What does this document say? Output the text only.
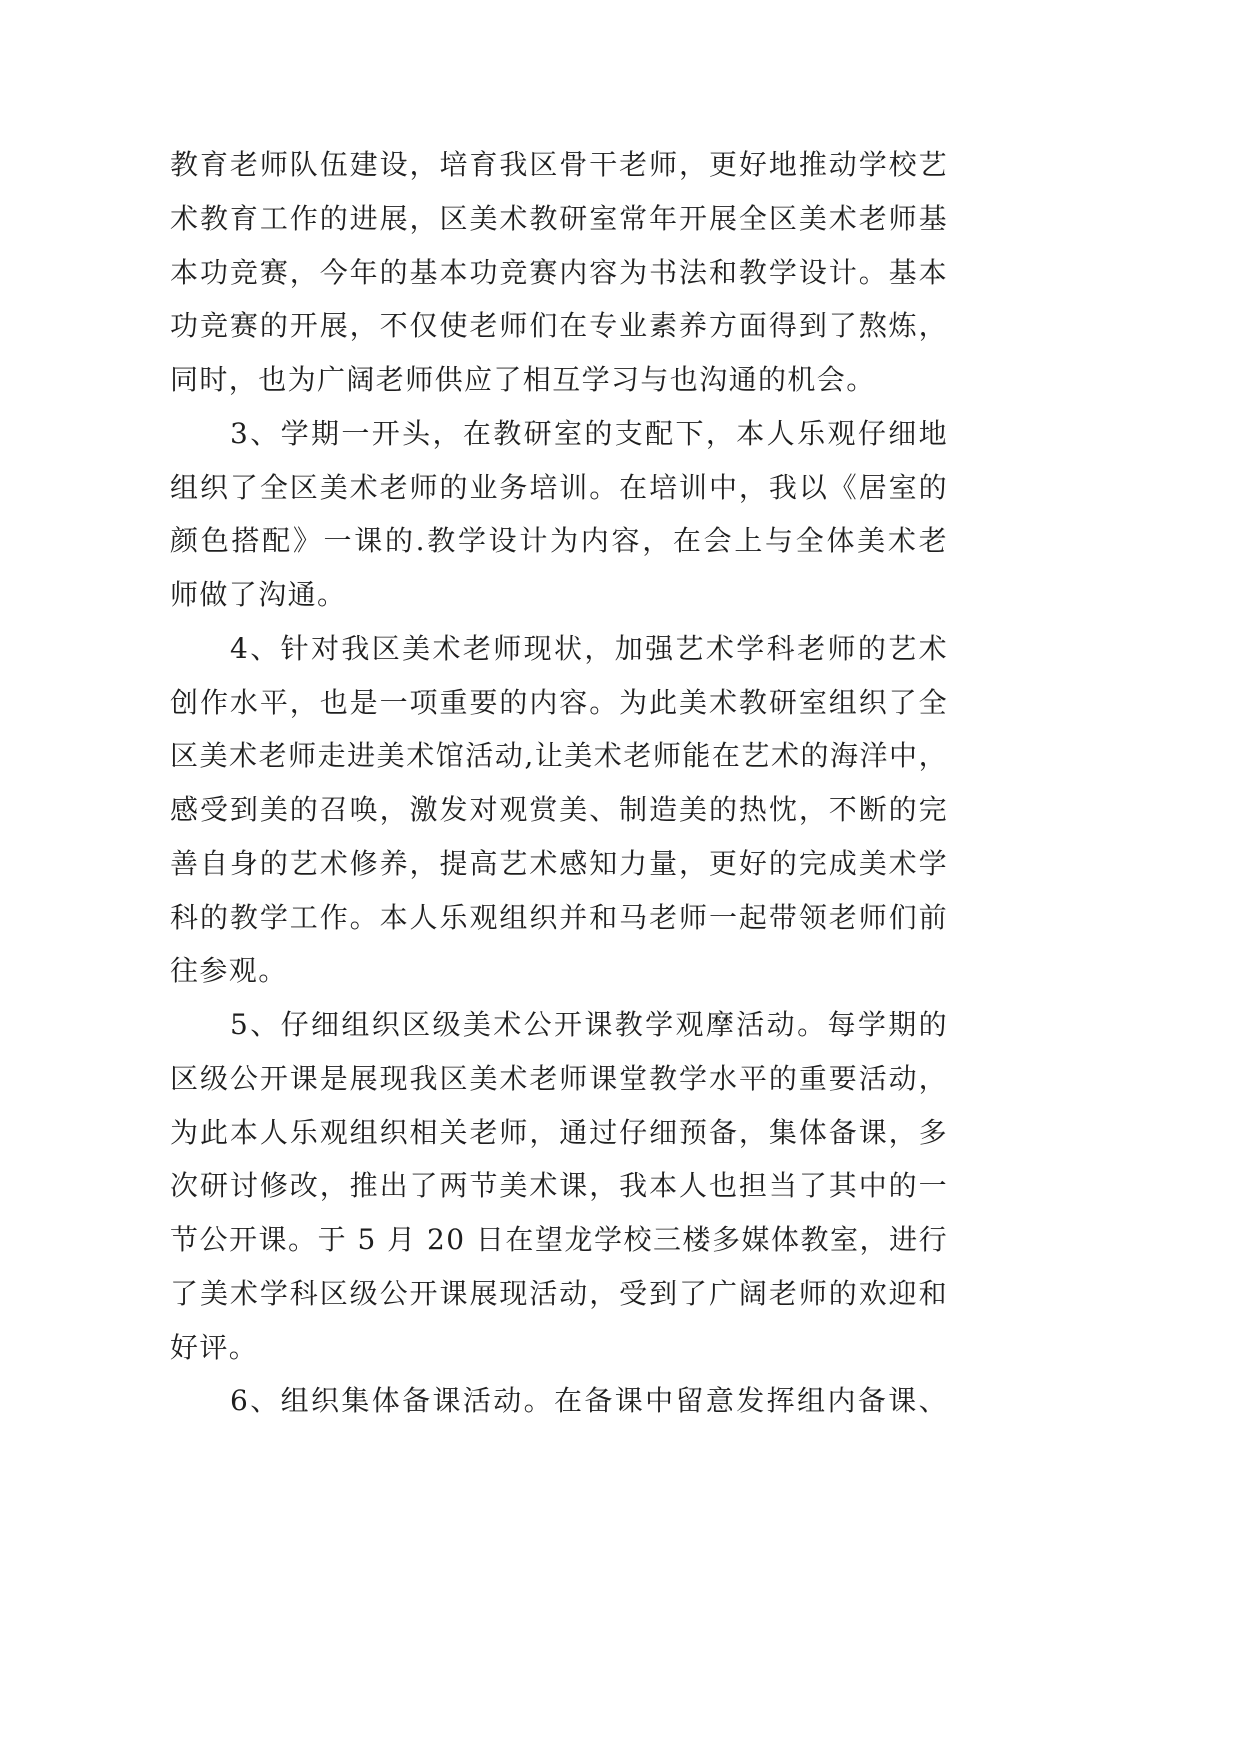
教育老师队伍建设，培育我区骨干老师，更好地推动学校艺
术教育工作的进展，区美术教研室常年开展全区美术老师基
本功竞赛，今年的基本功竞赛内容为书法和教学设计。基本
功竞赛的开展，不仅使老师们在专业素养方面得到了熬炼，
同时，也为广阔老师供应了相互学习与也沟通的机会。
3、学期一开头，在教研室的支配下，本人乐观仔细地
组织了全区美术老师的业务培训。在培训中，我以《居室的
颜色搭配》一课的.教学设计为内容，在会上与全体美术老
师做了沟通。
4、针对我区美术老师现状，加强艺术学科老师的艺术
创作水平，也是一项重要的内容。为此美术教研室组织了全
区美术老师走进美术馆活动,让美术老师能在艺术的海洋中，
感受到美的召唤，激发对观赏美、制造美的热忱，不断的完
善自身的艺术修养，提高艺术感知力量，更好的完成美术学
科的教学工作。本人乐观组织并和马老师一起带领老师们前
往参观。
5、仔细组织区级美术公开课教学观摩活动。每学期的
区级公开课是展现我区美术老师课堂教学水平的重要活动，
为此本人乐观组织相关老师，通过仔细预备，集体备课，多
次研讨修改，推出了两节美术课，我本人也担当了其中的一
节公开课。于 5 月 20 日在望龙学校三楼多媒体教室，进行
了美术学科区级公开课展现活动，受到了广阔老师的欢迎和
好评。
6、组织集体备课活动。在备课中留意发挥组内备课、
